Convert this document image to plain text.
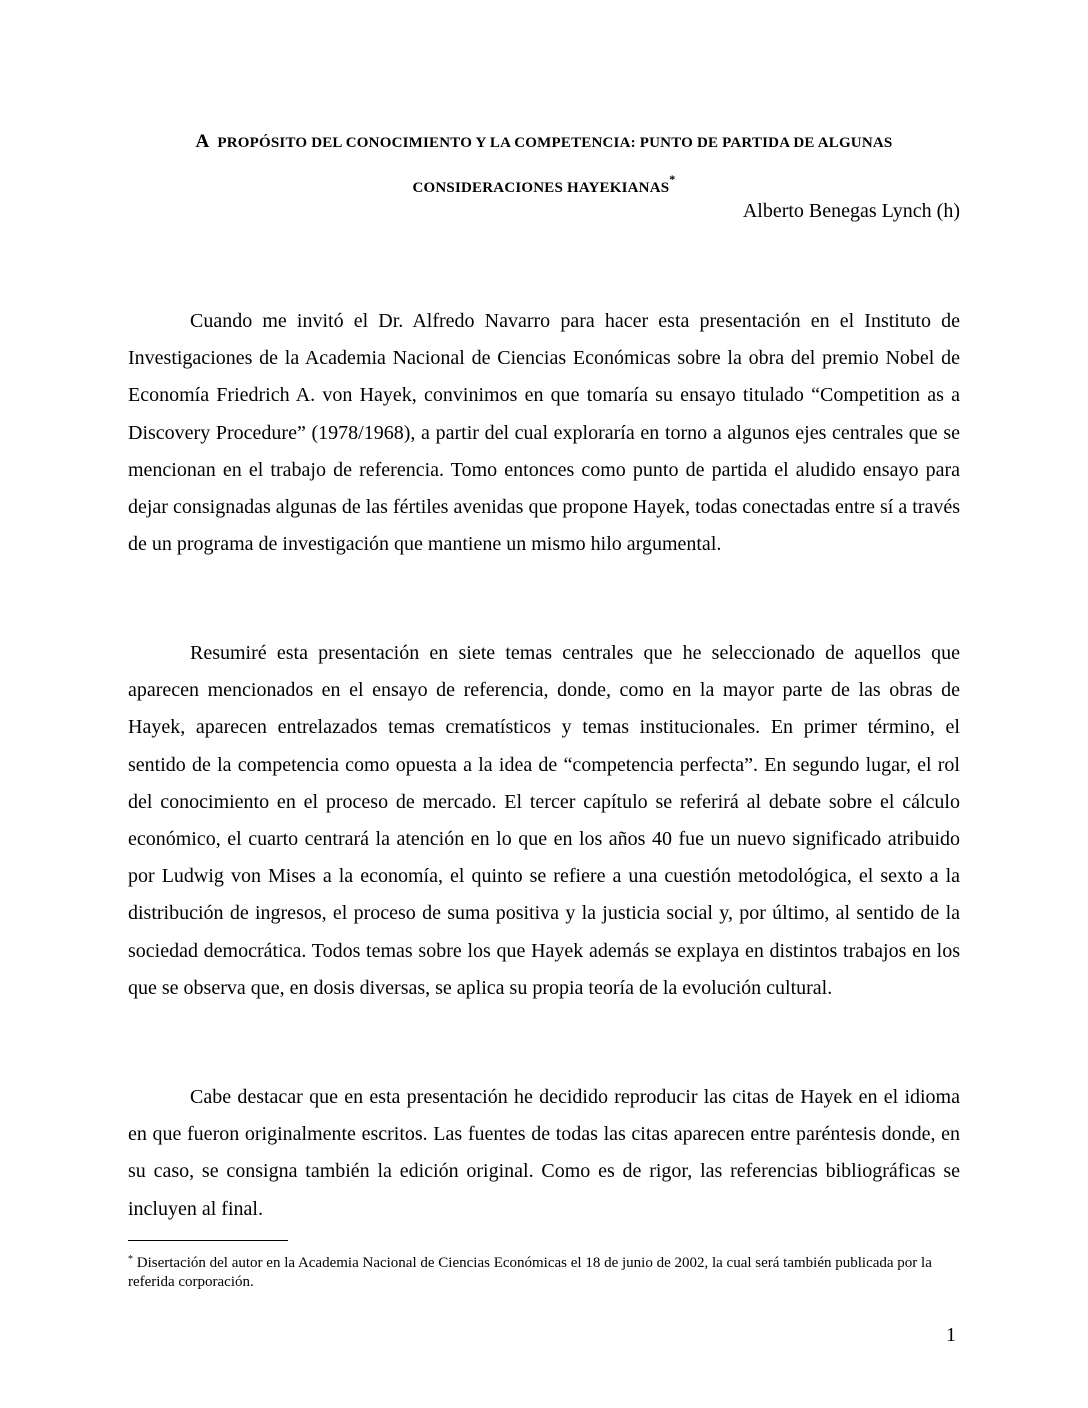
A PROPÓSITO DEL CONOCIMIENTO Y LA COMPETENCIA: PUNTO DE PARTIDA DE ALGUNAS
CONSIDERACIONES HAYEKIANAS*
Alberto Benegas Lynch (h)
Cuando me invitó el Dr. Alfredo Navarro para hacer esta presentación en el Instituto de Investigaciones de la Academia Nacional de Ciencias Económicas sobre la obra del premio Nobel de Economía Friedrich A. von Hayek, convinimos en que tomaría su ensayo titulado “Competition as a Discovery Procedure” (1978/1968), a partir del cual exploraría en torno a algunos ejes centrales que se mencionan en el trabajo de referencia. Tomo entonces como punto de partida el aludido ensayo para dejar consignadas algunas de las fértiles avenidas que propone Hayek, todas conectadas entre sí a través de un programa de investigación que mantiene un mismo hilo argumental.
Resumiré esta presentación en siete temas centrales que he seleccionado de aquellos que aparecen mencionados en el ensayo de referencia, donde, como en la mayor parte de las obras de Hayek, aparecen entrelazados temas crematísticos y temas institucionales. En primer término, el sentido de la competencia como opuesta a la idea de “competencia perfecta”. En segundo lugar, el rol del conocimiento en el proceso de mercado. El tercer capítulo se referirá al debate sobre el cálculo económico, el cuarto centrará la atención en lo que en los años 40 fue un nuevo significado atribuido por Ludwig von Mises a la economía, el quinto se refiere a una cuestión metodológica, el sexto a la distribución de ingresos, el proceso de suma positiva y la justicia social y, por último, al sentido de la sociedad democrática. Todos temas sobre los que Hayek además se explaya en distintos trabajos en los que se observa que, en dosis diversas, se aplica su propia teoría de la evolución cultural.
Cabe destacar que en esta presentación he decidido reproducir las citas de Hayek en el idioma en que fueron originalmente escritos. Las fuentes de todas las citas aparecen entre paréntesis donde, en su caso, se consigna también la edición original. Como es de rigor, las referencias bibliográficas se incluyen al final.
* Disertación del autor en la Academia Nacional de Ciencias Económicas el 18 de junio de 2002, la cual será también publicada por la referida corporación.
1
